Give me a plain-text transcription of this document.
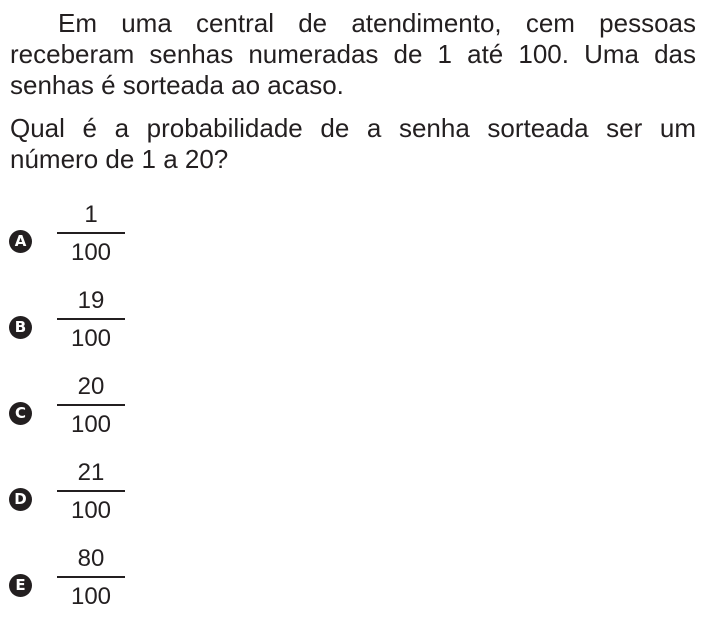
Em uma central de atendimento, cem pessoas receberam senhas numeradas de 1 até 100. Uma das senhas é sorteada ao acaso.

Qual é a probabilidade de a senha sorteada ser um número de 1 a 20?

A
1
100
B
19
100
C
20
100
D
21
100
E
80
100
